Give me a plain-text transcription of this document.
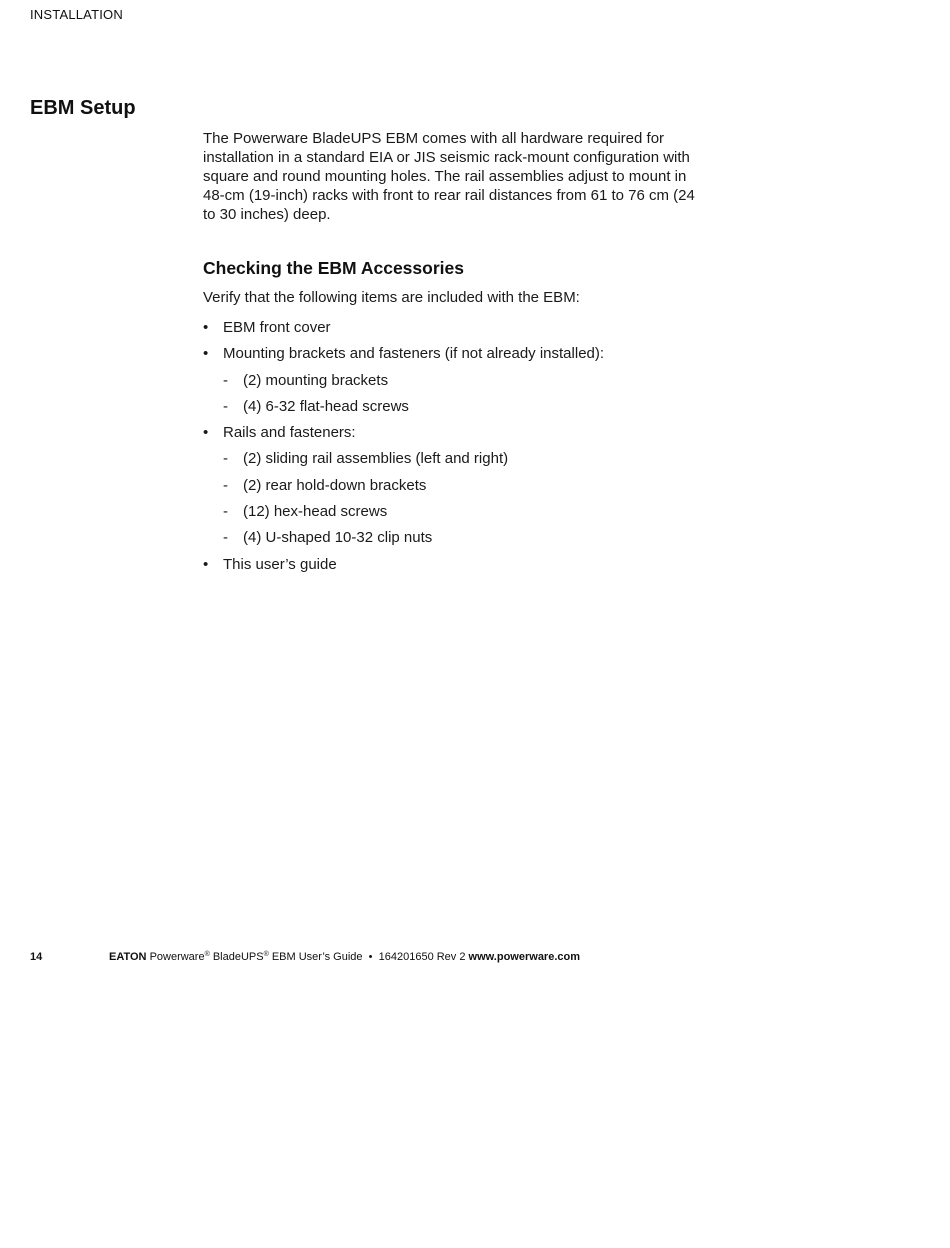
INSTALLATION
EBM Setup

The Powerware BladeUPS EBM comes with all hardware required for installation in a standard EIA or JIS seismic rack-mount configuration with square and round mounting holes. The rail assemblies adjust to mount in 48-cm (19-inch) racks with front to rear rail distances from 61 to 76 cm (24 to 30 inches) deep.

Checking the EBM Accessories

Verify that the following items are included with the EBM:

• EBM front cover
• Mounting brackets and fasteners (if not already installed):
- (2) mounting brackets
- (4) 6-32 flat-head screws
• Rails and fasteners:
- (2) sliding rail assemblies (left and right)
- (2) rear hold-down brackets
- (12) hex-head screws
- (4) U-shaped 10-32 clip nuts
• This user’s guide
14	EATON Powerware® BladeUPS® EBM User’s Guide • 164201650 Rev 2 www.powerware.com
